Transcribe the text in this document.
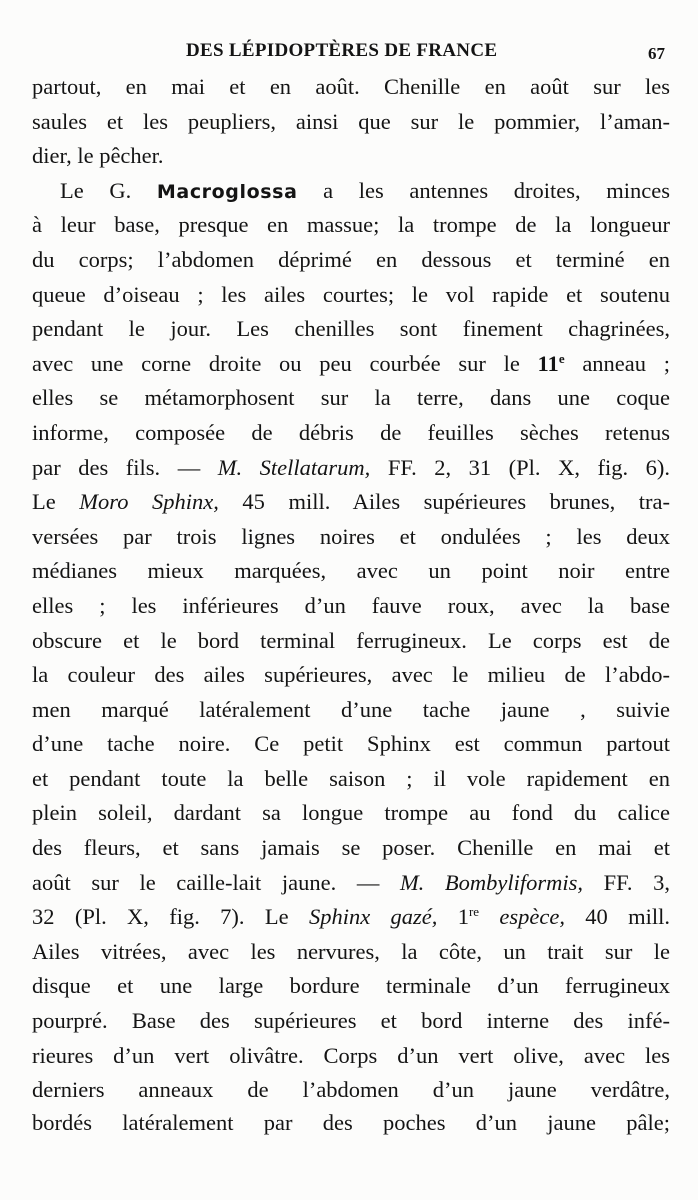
DES LÉPIDOPTÈRES DE FRANCE	67
partout, en mai et en août. Chenille en août sur les
saules et les peupliers, ainsi que sur le pommier, l’aman-
dier, le pêcher.
Le G. Macroglossa a les antennes droites, minces
à leur base, presque en massue; la trompe de la longueur
du corps; l’abdomen déprimé en dessous et terminé en
queue d’oiseau ; les ailes courtes; le vol rapide et soutenu
pendant le jour. Les chenilles sont finement chagrinées,
avec une corne droite ou peu courbée sur le 11e anneau ;
elles se métamorphosent sur la terre, dans une coque
informe, composée de débris de feuilles sèches retenus
par des fils. — M. Stellatarum, FF. 2, 31 (Pl. X, fig. 6).
Le Moro Sphinx, 45 mill. Ailes supérieures brunes, tra-
versées par trois lignes noires et ondulées ; les deux
médianes mieux marquées, avec un point noir entre
elles ; les inférieures d’un fauve roux, avec la base
obscure et le bord terminal ferrugineux. Le corps est de
la couleur des ailes supérieures, avec le milieu de l’abdo-
men marqué latéralement d’une tache jaune , suivie
d’une tache noire. Ce petit Sphinx est commun partout
et pendant toute la belle saison ; il vole rapidement en
plein soleil, dardant sa longue trompe au fond du calice
des fleurs, et sans jamais se poser. Chenille en mai et
août sur le caille-lait jaune. — M. Bombyliformis, FF. 3,
32 (Pl. X, fig. 7). Le Sphinx gazé, 1re espèce, 40 mill.
Ailes vitrées, avec les nervures, la côte, un trait sur le
disque et une large bordure terminale d’un ferrugineux
pourpré. Base des supérieures et bord interne des infé-
rieures d’un vert olivâtre. Corps d’un vert olive, avec les
derniers anneaux de l’abdomen d’un jaune verdâtre,
bordés latéralement par des poches d’un jaune pâle;
